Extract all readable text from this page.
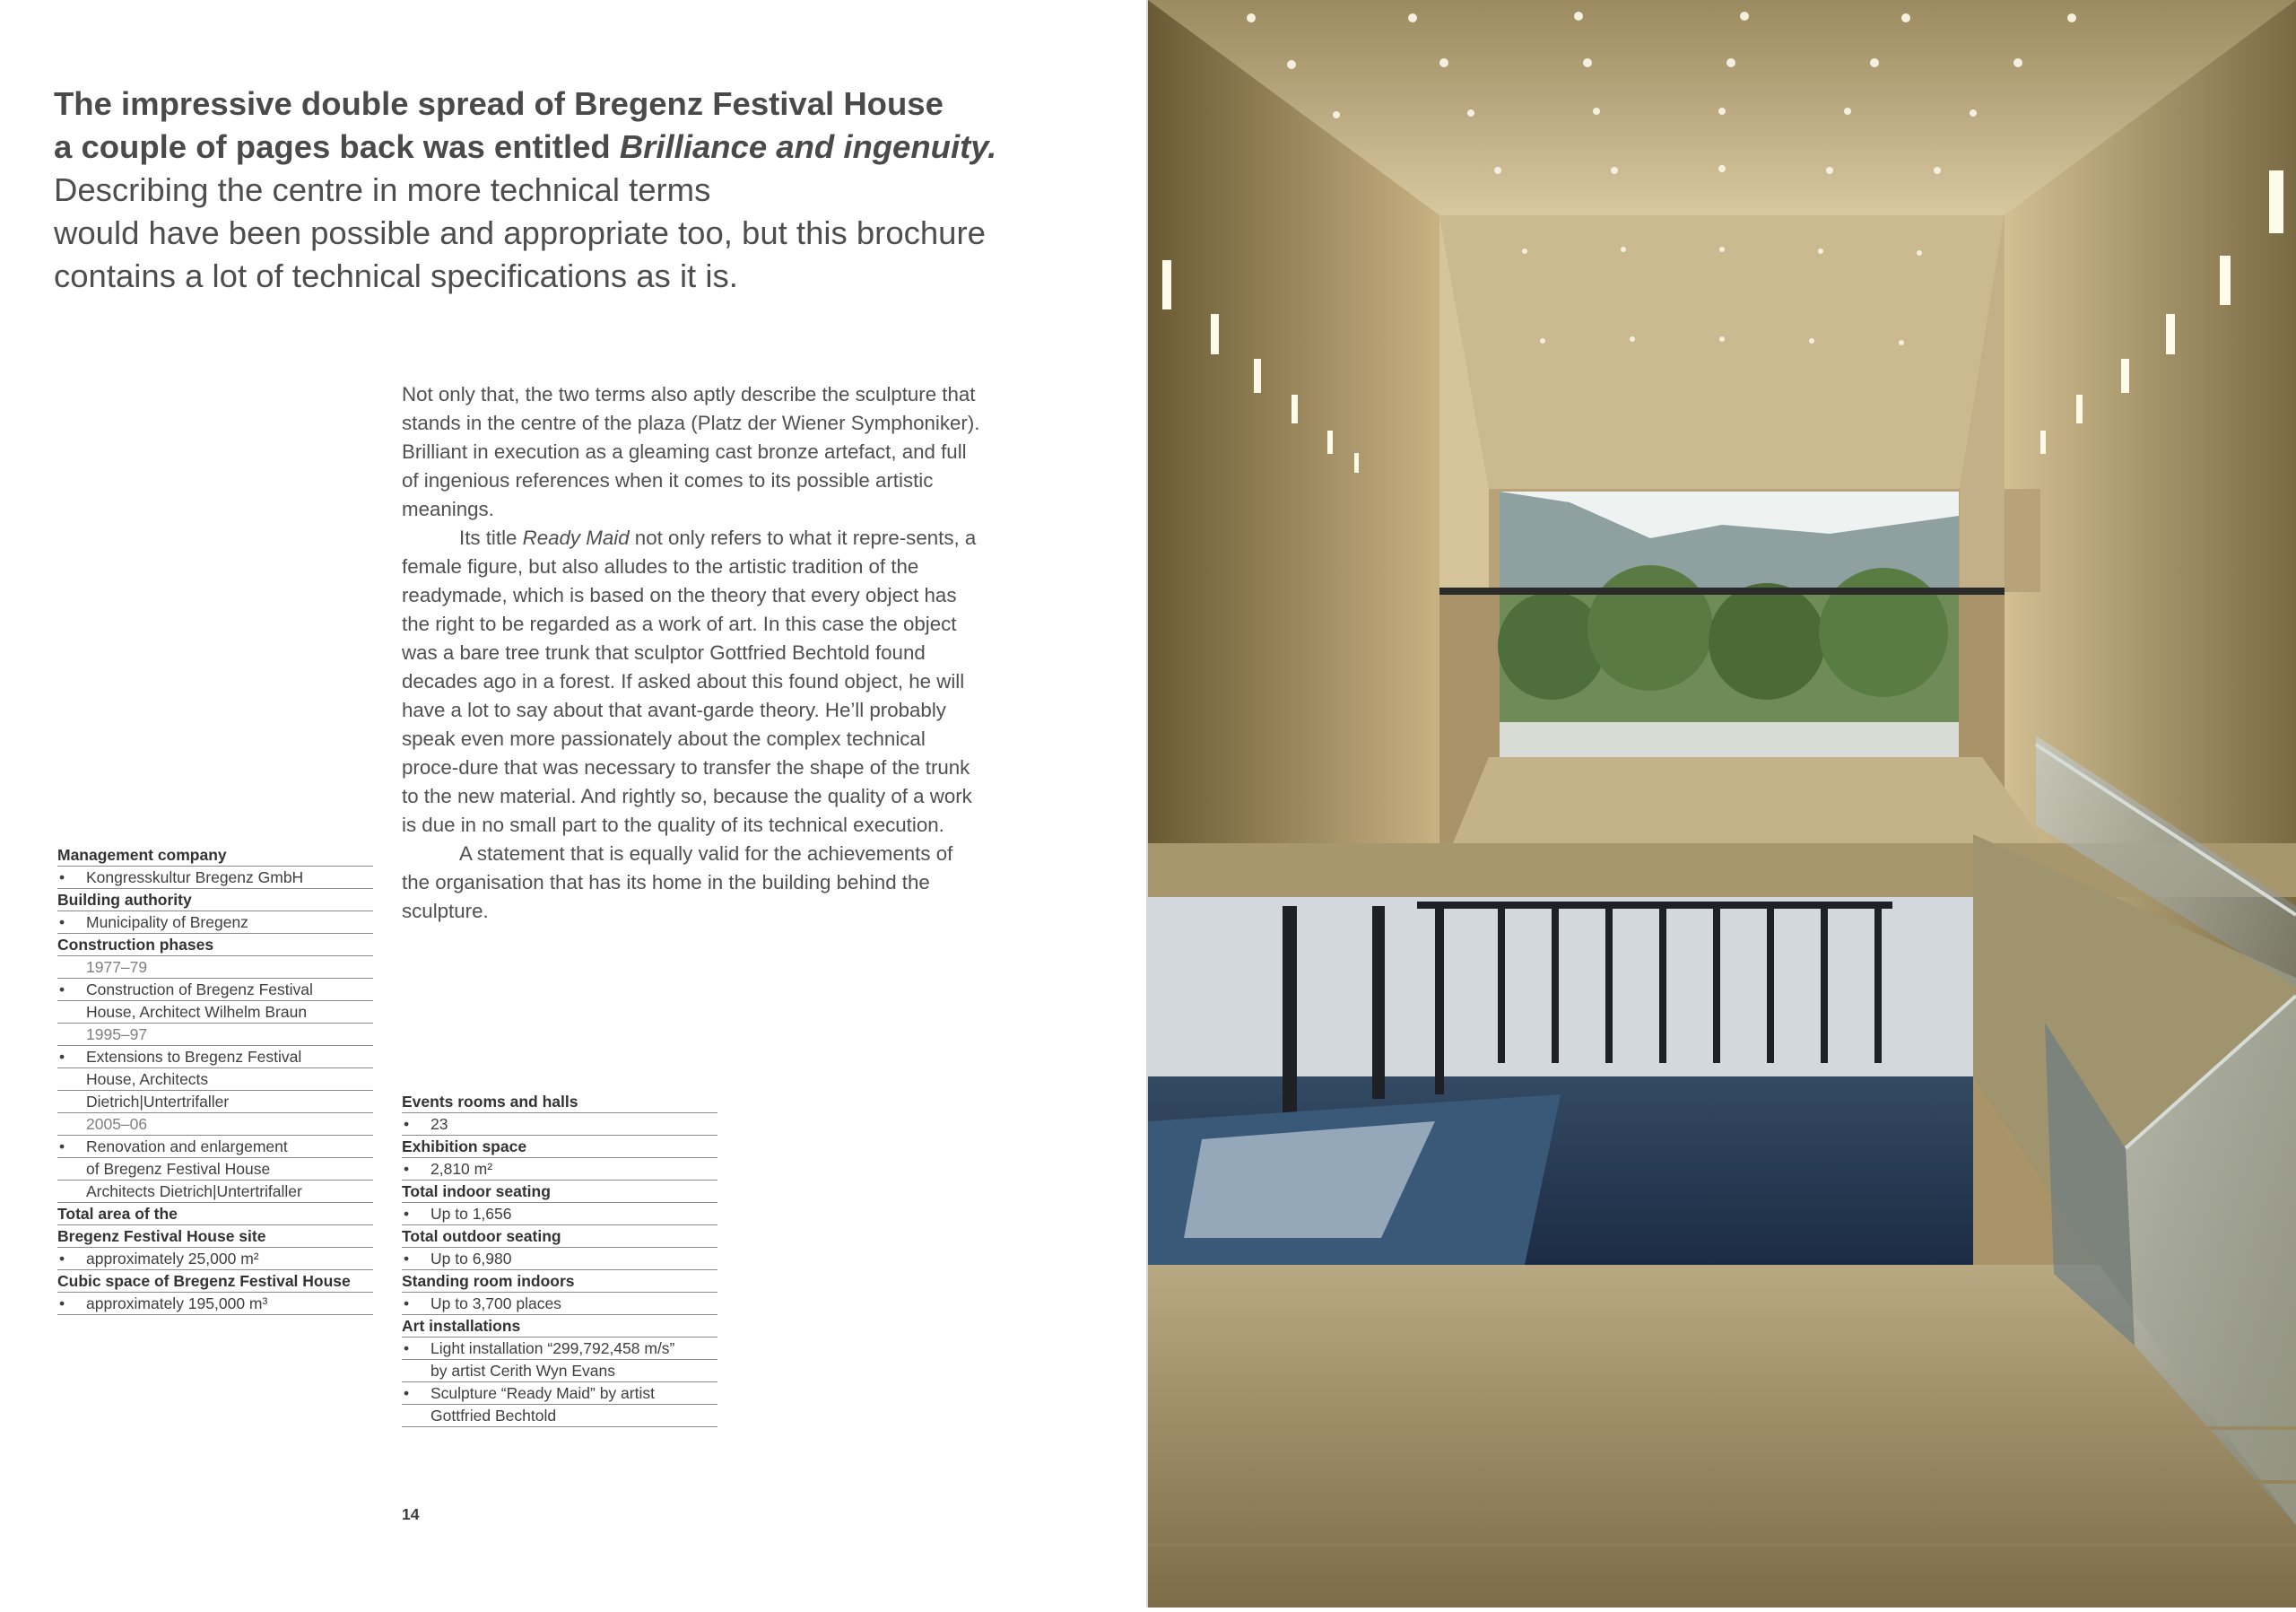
The impressive double spread of Bregenz Festival House

a couple of pages back was entitled Brilliance and ingenuity.

Describing the centre in more technical terms

would have been possible and appropriate too, but this brochure

contains a lot of technical specifications as it is.

Not only that, the two terms also aptly describe the sculpture that stands in the centre of the plaza (Platz der Wiener Symphoniker). Brilliant in execution as a gleaming cast bronze artefact, and full of ingenious references when it comes to its possible artistic meanings.

Its title Ready Maid not only refers to what it repre-sents, a female figure, but also alludes to the artistic tradition of the readymade, which is based on the theory that every object has the right to be regarded as a work of art. In this case the object was a bare tree trunk that sculptor Gottfried Bechtold found decades ago in a forest. If asked about this found object, he will have a lot to say about that avant-garde theory. He’ll probably speak even more passionately about the complex technical proce-dure that was necessary to transfer the shape of the trunk to the new material. And rightly so, because the quality of a work is due in no small part to the quality of its technical execution.

A statement that is equally valid for the achievements of the organisation that has its home in the building behind the sculpture.

Management company
• Kongresskultur Bregenz GmbH
Building authority
• Municipality of Bregenz
Construction phases
1977–79
• Construction of Bregenz Festival
House, Architect Wilhelm Braun
1995–97
• Extensions to Bregenz Festival
House, Architects
Dietrich|Untertrifaller
2005–06
• Renovation and enlargement
of Bregenz Festival House
Architects Dietrich|Untertrifaller
Total area of the
Bregenz Festival House site
• approximately 25,000 m²
Cubic space of Bregenz Festival House
• approximately 195,000 m³
Events rooms and halls
• 23
Exhibition space
• 2,810 m²
Total indoor seating
• Up to 1,656
Total outdoor seating
• Up to 6,980
Standing room indoors
• Up to 3,700 places
Art installations
• Light installation “299,792,458 m/s”
by artist Cerith Wyn Evans
• Sculpture “Ready Maid” by artist
Gottfried Bechtold
14
